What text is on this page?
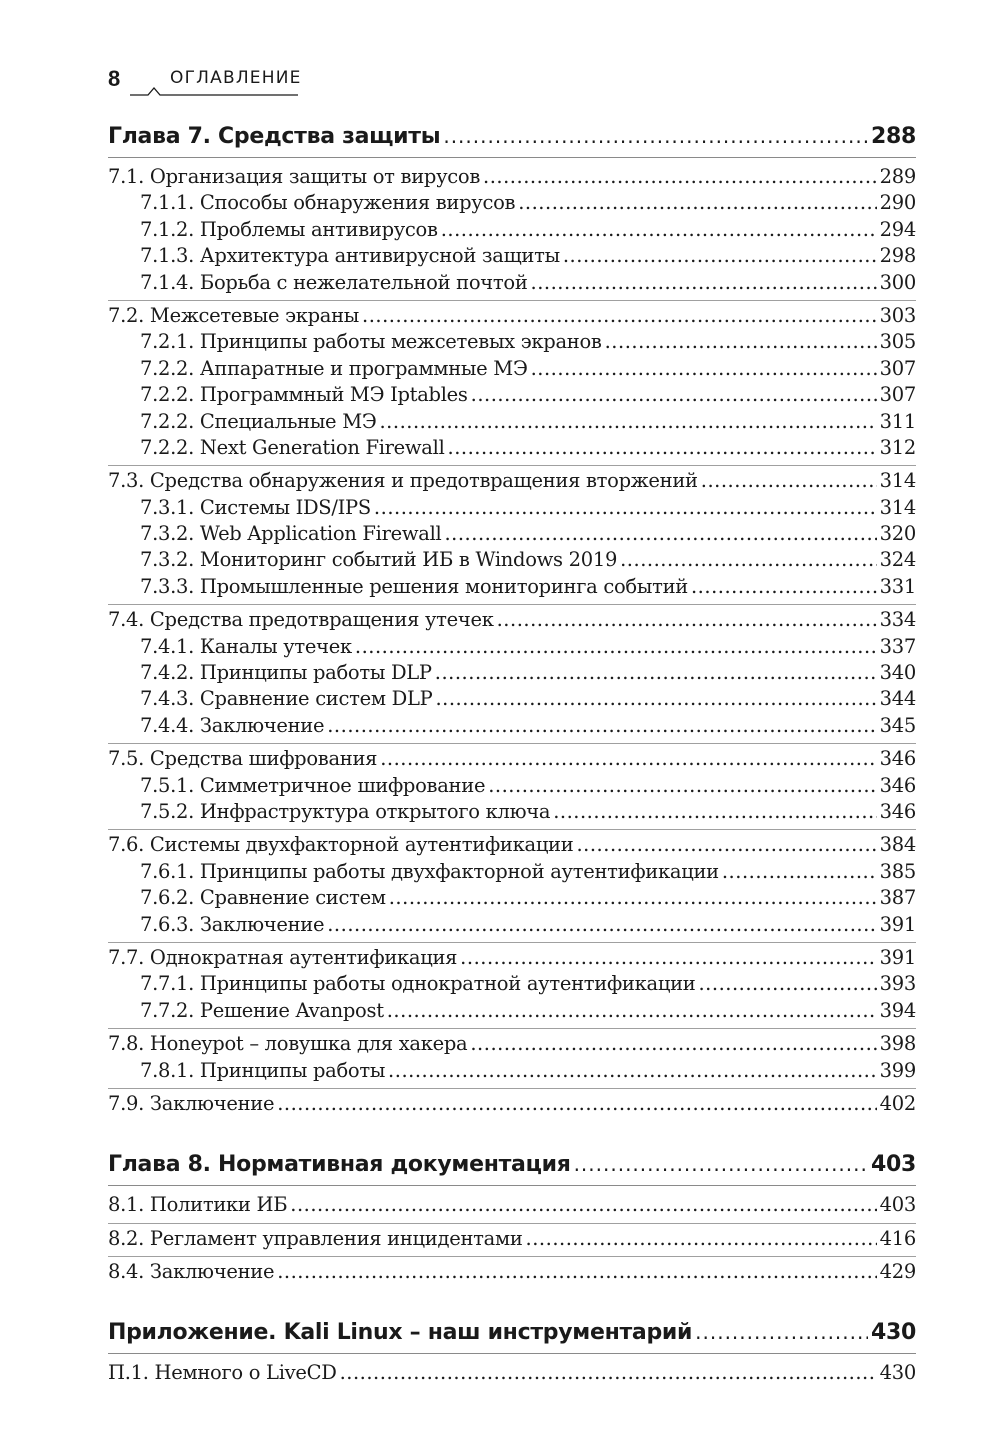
8	ОГЛАВЛЕНИЕ
Глава 7. Средства защиты .....	288
7.1. Организация защиты от вирусов .....	289
7.1.1. Способы обнаружения вирусов .....	290
7.1.2. Проблемы антивирусов .....	294
7.1.3. Архитектура антивирусной защиты .....	298
7.1.4. Борьба с нежелательной почтой .....	300
7.2. Межсетевые экраны .....	303
7.2.1. Принципы работы межсетевых экранов .....	305
7.2.2. Аппаратные и программные МЭ .....	307
7.2.2. Программный МЭ Iptables .....	307
7.2.2. Специальные МЭ .....	311
7.2.2. Next Generation Firewall .....	312
7.3. Средства обнаружения и предотвращения вторжений .....	314
7.3.1. Системы IDS/IPS .....	314
7.3.2. Web Application Firewall .....	320
7.3.2. Мониторинг событий ИБ в Windows 2019 .....	324
7.3.3. Промышленные решения мониторинга событий .....	331
7.4. Средства предотвращения утечек .....	334
7.4.1. Каналы утечек .....	337
7.4.2. Принципы работы DLP .....	340
7.4.3. Сравнение систем DLP .....	344
7.4.4. Заключение .....	345
7.5. Средства шифрования .....	346
7.5.1. Симметричное шифрование .....	346
7.5.2. Инфраструктура открытого ключа .....	346
7.6. Системы двухфакторной аутентификации .....	384
7.6.1. Принципы работы двухфакторной аутентификации .....	385
7.6.2. Сравнение систем .....	387
7.6.3. Заключение .....	391
7.7. Однократная аутентификация .....	391
7.7.1. Принципы работы однократной аутентификации .....	393
7.7.2. Решение Avanpost .....	394
7.8. Honeypot – ловушка для хакера .....	398
7.8.1. Принципы работы .....	399
7.9. Заключение .....	402
Глава 8. Нормативная документация .....	403
8.1. Политики ИБ .....	403
8.2. Регламент управления инцидентами .....	416
8.4. Заключение .....	429
Приложение. Kali Linux – наш инструментарий .....	430
П.1. Немного о LiveCD .....	430
